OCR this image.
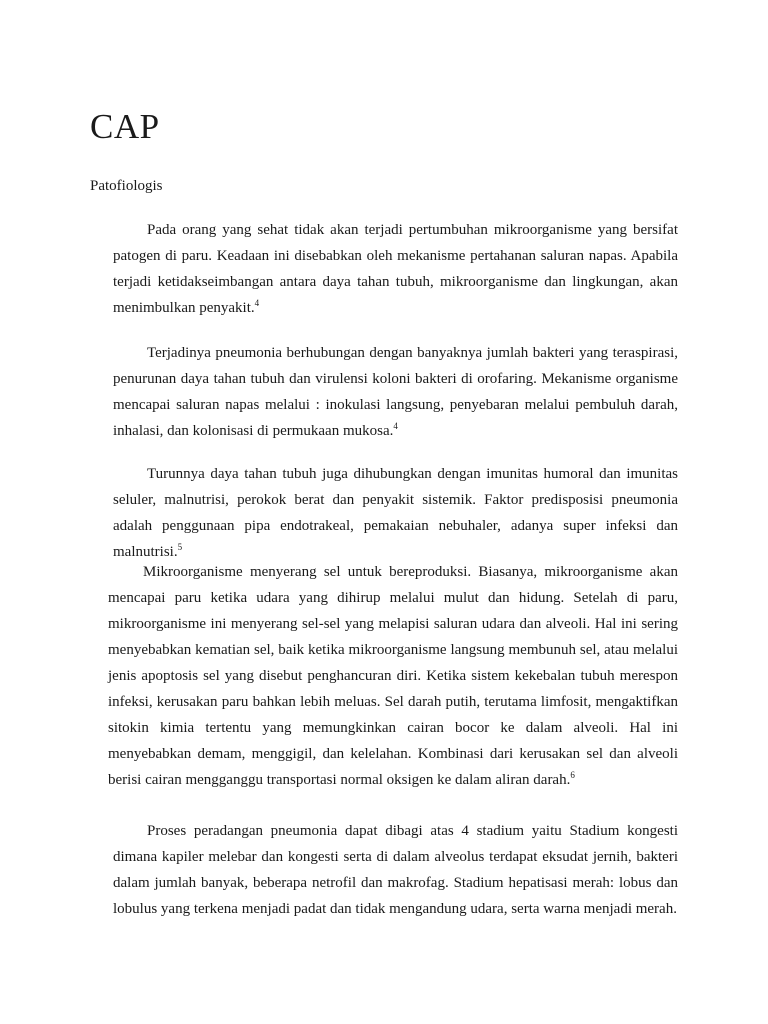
CAP

Patofiologis

Pada orang yang sehat tidak akan terjadi pertumbuhan mikroorganisme yang bersifat patogen di paru. Keadaan ini disebabkan oleh mekanisme pertahanan saluran napas. Apabila terjadi ketidakseimbangan antara daya tahan tubuh, mikroorganisme dan lingkungan, akan menimbulkan penyakit.$^4$

Terjadinya pneumonia berhubungan dengan banyaknya jumlah bakteri yang teraspirasi, penurunan daya tahan tubuh dan virulensi koloni bakteri di orofaring. Mekanisme organisme mencapai saluran napas melalui : inokulasi langsung, penyebaran melalui pembuluh darah, inhalasi, dan kolonisasi di permukaan mukosa.$^4$

Turunnya daya tahan tubuh juga dihubungkan dengan imunitas humoral dan imunitas seluler, malnutrisi, perokok berat dan penyakit sistemik. Faktor predisposisi pneumonia adalah penggunaan pipa endotrakeal, pemakaian nebuhaler, adanya super infeksi dan malnutrisi.$^5$

Mikroorganisme menyerang sel untuk bereproduksi. Biasanya, mikroorganisme akan mencapai paru ketika udara yang dihirup melalui mulut dan hidung. Setelah di paru, mikroorganisme ini menyerang sel-sel yang melapisi saluran udara dan alveoli. Hal ini sering menyebabkan kematian sel, baik ketika mikroorganisme langsung membunuh sel, atau melalui jenis apoptosis sel yang disebut penghancuran diri. Ketika sistem kekebalan tubuh merespon infeksi, kerusakan paru bahkan lebih meluas. Sel darah putih, terutama limfosit, mengaktifkan sitokin kimia tertentu yang memungkinkan cairan bocor ke dalam alveoli. Hal ini menyebabkan demam, menggigil, dan kelelahan. Kombinasi dari kerusakan sel dan alveoli berisi cairan mengganggu transportasi normal oksigen ke dalam aliran darah.$^6$

Proses peradangan pneumonia dapat dibagi atas 4 stadium yaitu Stadium kongesti dimana kapiler melebar dan kongesti serta di dalam alveolus terdapat eksudat jernih, bakteri dalam jumlah banyak, beberapa netrofil dan makrofag. Stadium hepatisasi merah: lobus dan lobulus yang terkena menjadi padat dan tidak mengandung udara, serta warna menjadi merah.
